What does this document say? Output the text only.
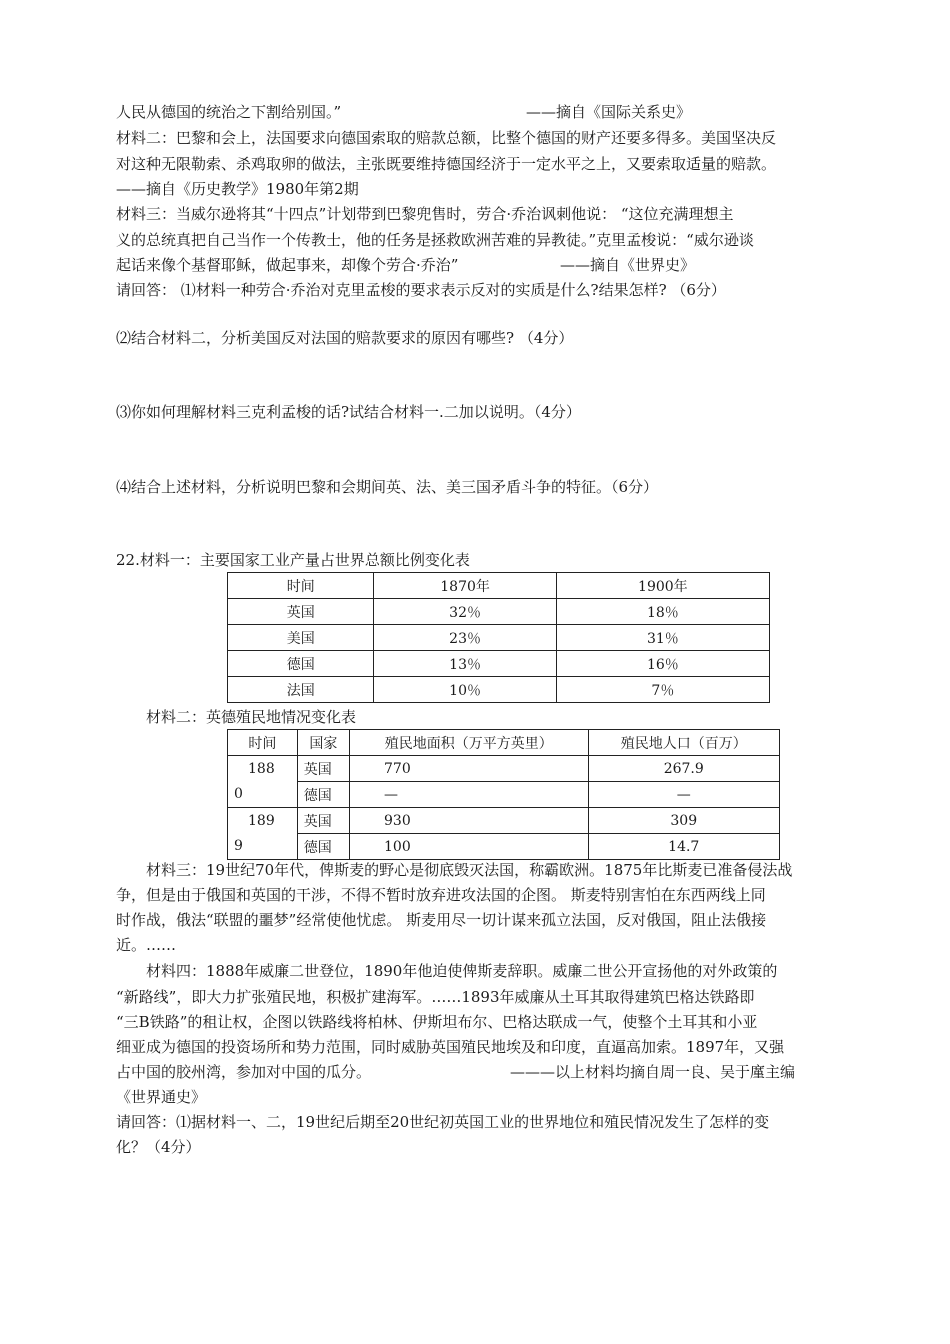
人民从德国的统治之下割给别国。”	——摘自《国际关系史》
材料二：巴黎和会上，法国要求向德国索取的赔款总额，比整个德国的财产还要多得多。美国坚决反
对这种无限勒索、杀鸡取卵的做法，主张既要维持德国经济于一定水平之上，又要索取适量的赔款。
——摘自《历史教学》1980年第2期
材料三：当威尔逊将其“十四点”计划带到巴黎兜售时，劳合·乔治讽刺他说： “这位充满理想主
义的总统真把自己当作一个传教士，他的任务是拯救欧洲苦难的异教徒。”克里孟梭说：“威尔逊谈
起话来像个基督耶稣，做起事来，却像个劳合·乔治”	——摘自《世界史》
请回答： ⑴材料一种劳合·乔治对克里孟梭的要求表示反对的实质是什么?结果怎样? （6分）
⑵结合材料二，分析美国反对法国的赔款要求的原因有哪些? （4分）
⑶你如何理解材料三克利孟梭的话?试结合材料一.二加以说明。（4分）
⑷结合上述材料，分析说明巴黎和会期间英、法、美三国矛盾斗争的特征。（6分）
22.材料一：主要国家工业产量占世界总额比例变化表
时间	1870年	1900年
英国	32％	18％
美国	23％	31％
德国	13％	16％
法国	10％	7％
材料二：英德殖民地情况变化表
时间	国家	殖民地面积（万平方英里）	殖民地人口（百万）
188	英国	770	267.9
0	德国	—	—
189	英国	930	309
9	德国	100	14.7
材料三：19世纪70年代，俾斯麦的野心是彻底毁灭法国，称霸欧洲。1875年比斯麦已准备侵法战
争，但是由于俄国和英国的干涉，不得不暂时放弃进攻法国的企图。 斯麦特别害怕在东西两线上同
时作战，俄法“联盟的噩梦”经常使他忧虑。 斯麦用尽一切计谋来孤立法国，反对俄国，阻止法俄接
近。……
材料四：1888年威廉二世登位，1890年他迫使俾斯麦辞职。威廉二世公开宣扬他的对外政策的
“新路线”，即大力扩张殖民地，积极扩建海军。……1893年威廉从土耳其取得建筑巴格达铁路即
“三B铁路”的租让权，企图以铁路线将柏林、伊斯坦布尔、巴格达联成一气，使整个土耳其和小亚
细亚成为德国的投资场所和势力范围，同时威胁英国殖民地埃及和印度，直逼高加索。1897年，又强
占中国的胶州湾，参加对中国的瓜分。	———以上材料均摘自周一良、吴于廑主编
《世界通史》
请回答：⑴据材料一、二，19世纪后期至20世纪初英国工业的世界地位和殖民情况发生了怎样的变
化？（4分）
